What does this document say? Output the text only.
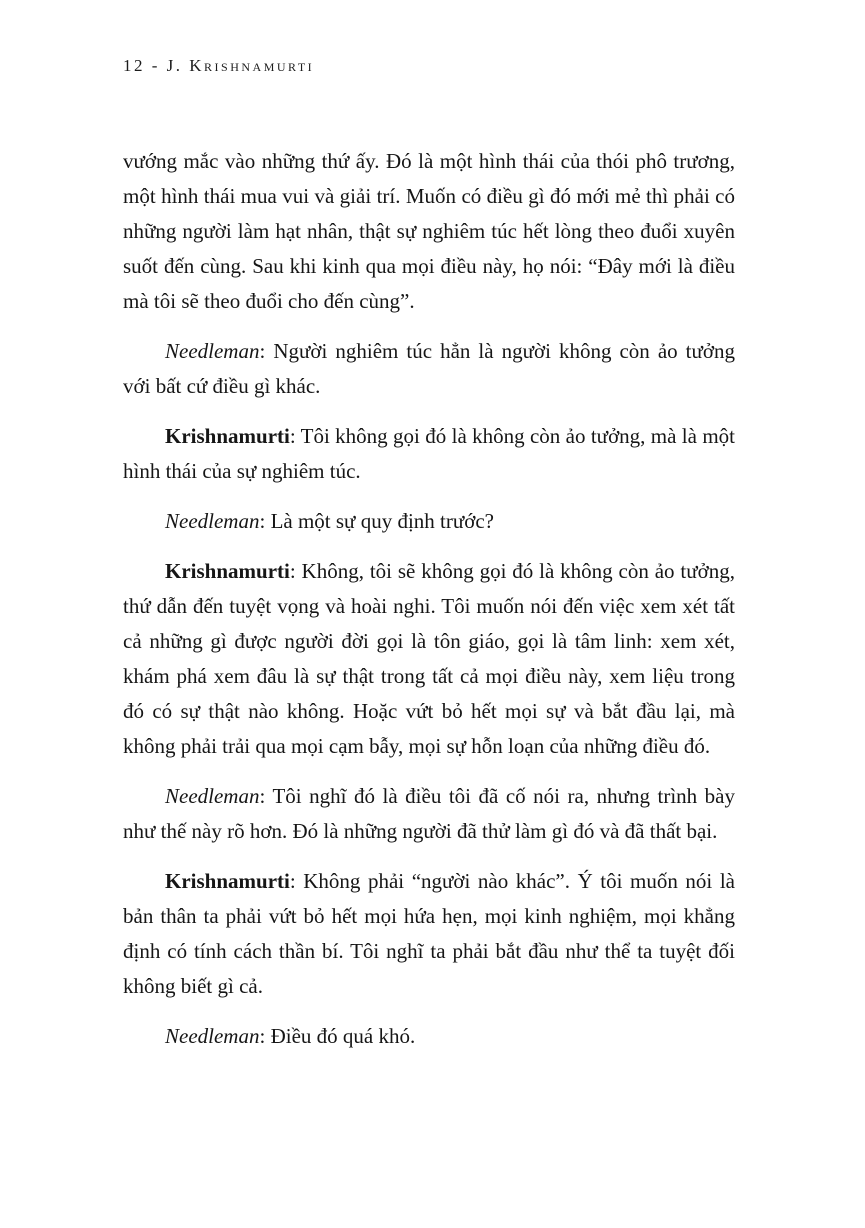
12 - J. Krishnamurti

vướng mắc vào những thứ ấy. Đó là một hình thái của thói phô trương, một hình thái mua vui và giải trí. Muốn có điều gì đó mới mẻ thì phải có những người làm hạt nhân, thật sự nghiêm túc hết lòng theo đuổi xuyên suốt đến cùng. Sau khi kinh qua mọi điều này, họ nói: “Đây mới là điều mà tôi sẽ theo đuổi cho đến cùng”.

Needleman: Người nghiêm túc hẳn là người không còn ảo tưởng với bất cứ điều gì khác.

Krishnamurti: Tôi không gọi đó là không còn ảo tưởng, mà là một hình thái của sự nghiêm túc.

Needleman: Là một sự quy định trước?

Krishnamurti: Không, tôi sẽ không gọi đó là không còn ảo tưởng, thứ dẫn đến tuyệt vọng và hoài nghi. Tôi muốn nói đến việc xem xét tất cả những gì được người đời gọi là tôn giáo, gọi là tâm linh: xem xét, khám phá xem đâu là sự thật trong tất cả mọi điều này, xem liệu trong đó có sự thật nào không. Hoặc vứt bỏ hết mọi sự và bắt đầu lại, mà không phải trải qua mọi cạm bẫy, mọi sự hỗn loạn của những điều đó.

Needleman: Tôi nghĩ đó là điều tôi đã cố nói ra, nhưng trình bày như thế này rõ hơn. Đó là những người đã thử làm gì đó và đã thất bại.

Krishnamurti: Không phải “người nào khác”. Ý tôi muốn nói là bản thân ta phải vứt bỏ hết mọi hứa hẹn, mọi kinh nghiệm, mọi khẳng định có tính cách thần bí. Tôi nghĩ ta phải bắt đầu như thể ta tuyệt đối không biết gì cả.

Needleman: Điều đó quá khó.
